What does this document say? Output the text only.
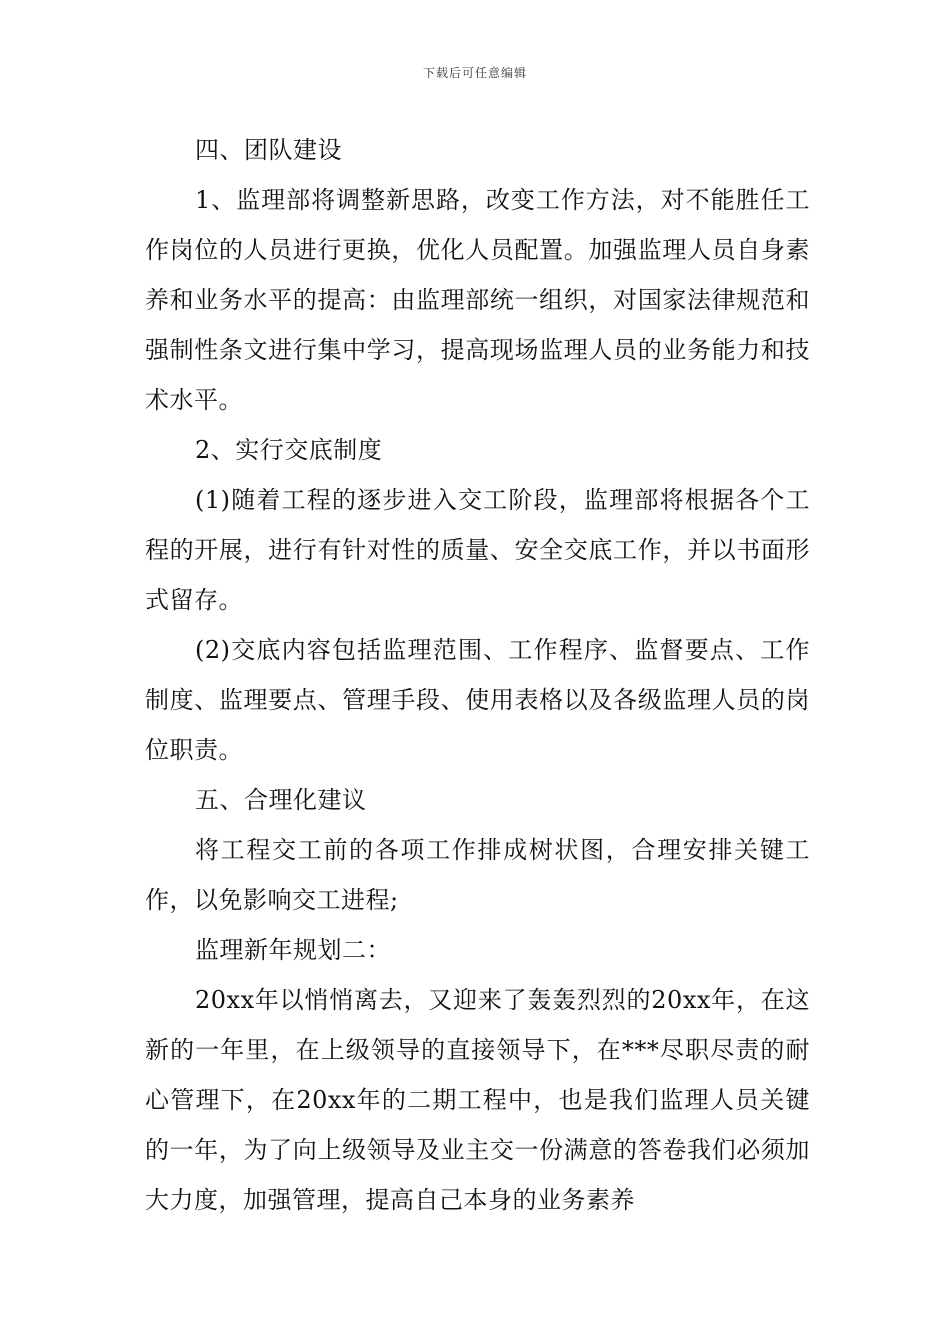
下载后可任意编辑

四、团队建设

1、监理部将调整新思路，改变工作方法，对不能胜任工作岗位的人员进行更换，优化人员配置。加强监理人员自身素养和业务水平的提高：由监理部统一组织，对国家法律规范和强制性条文进行集中学习，提高现场监理人员的业务能力和技术水平。

2、实行交底制度

(1)随着工程的逐步进入交工阶段，监理部将根据各个工程的开展，进行有针对性的质量、安全交底工作，并以书面形式留存。

(2)交底内容包括监理范围、工作程序、监督要点、工作制度、监理要点、管理手段、使用表格以及各级监理人员的岗位职责。

五、合理化建议

将工程交工前的各项工作排成树状图，合理安排关键工作，以免影响交工进程;

监理新年规划二：

20xx年以悄悄离去，又迎来了轰轰烈烈的20xx年，在这新的一年里，在上级领导的直接领导下，在***尽职尽责的耐心管理下，在20xx年的二期工程中，也是我们监理人员关键的一年，为了向上级领导及业主交一份满意的答卷我们必须加大力度，加强管理，提高自己本身的业务素养
